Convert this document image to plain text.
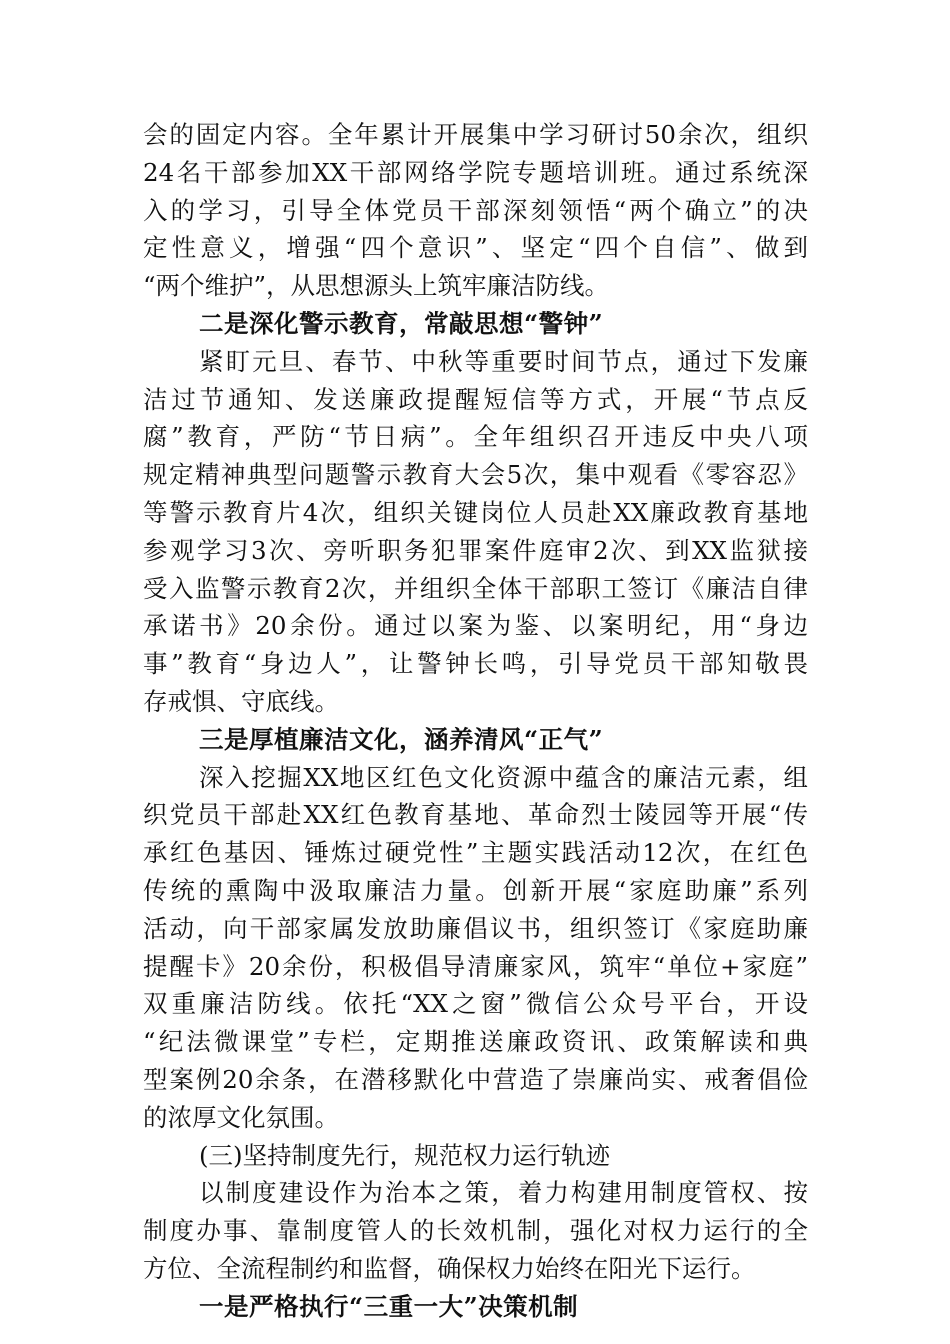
会的固定内容。全年累计开展集中学习研讨50余次，组织
24名干部参加XX干部网络学院专题培训班。通过系统深
入的学习，引导全体党员干部深刻领悟“两个确立”的决
定性意义，增强“四个意识”、坚定“四个自信”、做到
“两个维护”，从思想源头上筑牢廉洁防线。
二是深化警示教育，常敲思想“警钟”
紧盯元旦、春节、中秋等重要时间节点，通过下发廉
洁过节通知、发送廉政提醒短信等方式，开展“节点反
腐”教育，严防“节日病”。全年组织召开违反中央八项
规定精神典型问题警示教育大会5次，集中观看《零容忍》
等警示教育片4次，组织关键岗位人员赴XX廉政教育基地
参观学习3次、旁听职务犯罪案件庭审2次、到XX监狱接
受入监警示教育2次，并组织全体干部职工签订《廉洁自律
承诺书》20余份。通过以案为鉴、以案明纪，用“身边
事”教育“身边人”，让警钟长鸣，引导党员干部知敬畏
存戒惧、守底线。
三是厚植廉洁文化，涵养清风“正气”
深入挖掘XX地区红色文化资源中蕴含的廉洁元素，组
织党员干部赴XX红色教育基地、革命烈士陵园等开展“传
承红色基因、锤炼过硬党性”主题实践活动12次，在红色
传统的熏陶中汲取廉洁力量。创新开展“家庭助廉”系列
活动，向干部家属发放助廉倡议书，组织签订《家庭助廉
提醒卡》20余份，积极倡导清廉家风，筑牢“单位+家庭”
双重廉洁防线。依托“XX之窗”微信公众号平台，开设
“纪法微课堂”专栏，定期推送廉政资讯、政策解读和典
型案例20余条，在潜移默化中营造了崇廉尚实、戒奢倡俭
的浓厚文化氛围。
(三)坚持制度先行，规范权力运行轨迹
以制度建设作为治本之策，着力构建用制度管权、按
制度办事、靠制度管人的长效机制，强化对权力运行的全
方位、全流程制约和监督，确保权力始终在阳光下运行。
一是严格执行“三重一大”决策机制
